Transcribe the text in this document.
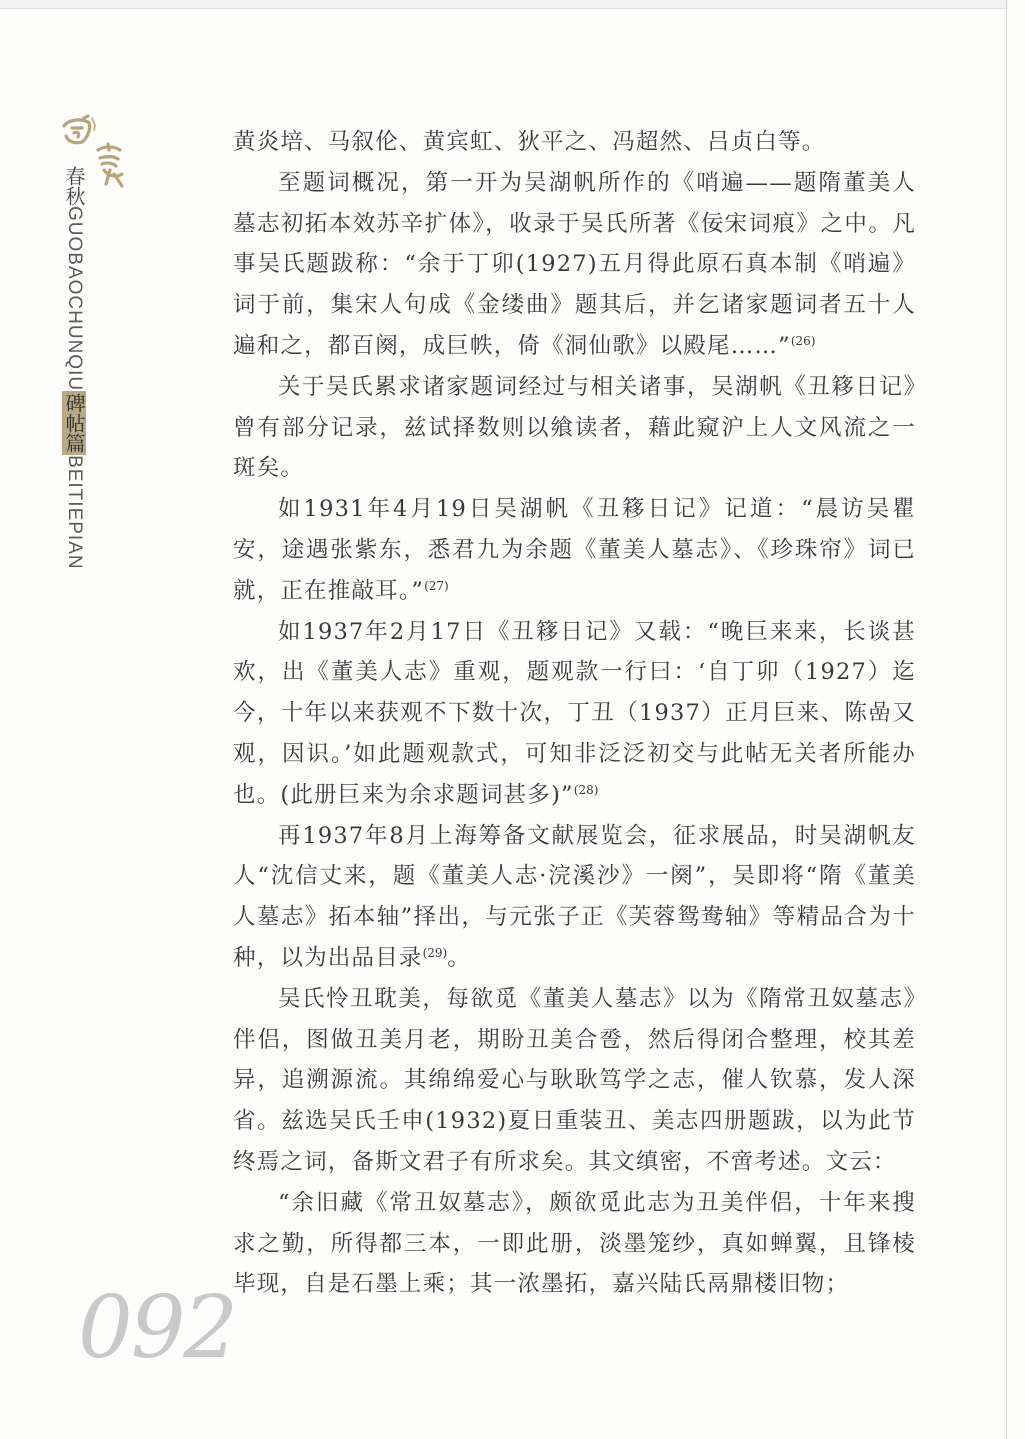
春秋GUOBAOCHUNQIU碑帖篇BEITIEPIAN

黄炎培、马叙伦、黄宾虹、狄平之、冯超然、吕贞白等。

至题词概况，第一开为吴湖帆所作的《哨遍——题隋董美人墓志初拓本效苏辛扩体》，收录于吴氏所著《佞宋词痕》之中。凡事吴氏题跋称：“余于丁卯(1927)五月得此原石真本制《哨遍》词于前，集宋人句成《金缕曲》题其后，并乞诸家题词者五十人遍和之，都百阕，成巨帙，倚《洞仙歌》以殿尾……”$^{(26)}$

关于吴氏累求诸家题词经过与相关诸事，吴湖帆《丑簃日记》曾有部分记录，兹试择数则以飨读者，藉此窥沪上人文风流之一斑矣。

如1931年4月19日吴湖帆《丑簃日记》记道：“晨访吴瞿安，途遇张紫东，悉君九为余题《董美人墓志》、《珍珠帘》词已就，正在推敲耳。”$^{(27)}$

如1937年2月17日《丑簃日记》又载：“晚巨来来，长谈甚欢，出《董美人志》重观，题观款一行曰：‘自丁卯（1927）迄今，十年以来获观不下数十次，丁丑（1937）正月巨来、陈嵒又观，因识。’如此题观款式，可知非泛泛初交与此帖无关者所能办也。(此册巨来为余求题词甚多)”$^{(28)}$

再1937年8月上海筹备文献展览会，征求展品，时吴湖帆友人“沈信丈来，题《董美人志·浣溪沙》一阕”，吴即将“隋《董美人墓志》拓本轴”择出，与元张子正《芙蓉鸳鸯轴》等精品合为十种，以为出品目录$^{(29)}$。

吴氏怜丑耽美，每欲觅《董美人墓志》以为《隋常丑奴墓志》伴侣，图做丑美月老，期盼丑美合卺，然后得闭合整理，校其差异，追溯源流。其绵绵爱心与耿耿笃学之志，催人钦慕，发人深省。兹选吴氏壬申(1932)夏日重装丑、美志四册题跋，以为此节终焉之词，备斯文君子有所求矣。其文缜密，不啻考述。文云：

“余旧藏《常丑奴墓志》，颇欲觅此志为丑美伴侣，十年来搜求之勤，所得都三本，一即此册，淡墨笼纱，真如蝉翼，且锋棱毕现，自是石墨上乘；其一浓墨拓，嘉兴陆氏鬲鼎楼旧物；

092
